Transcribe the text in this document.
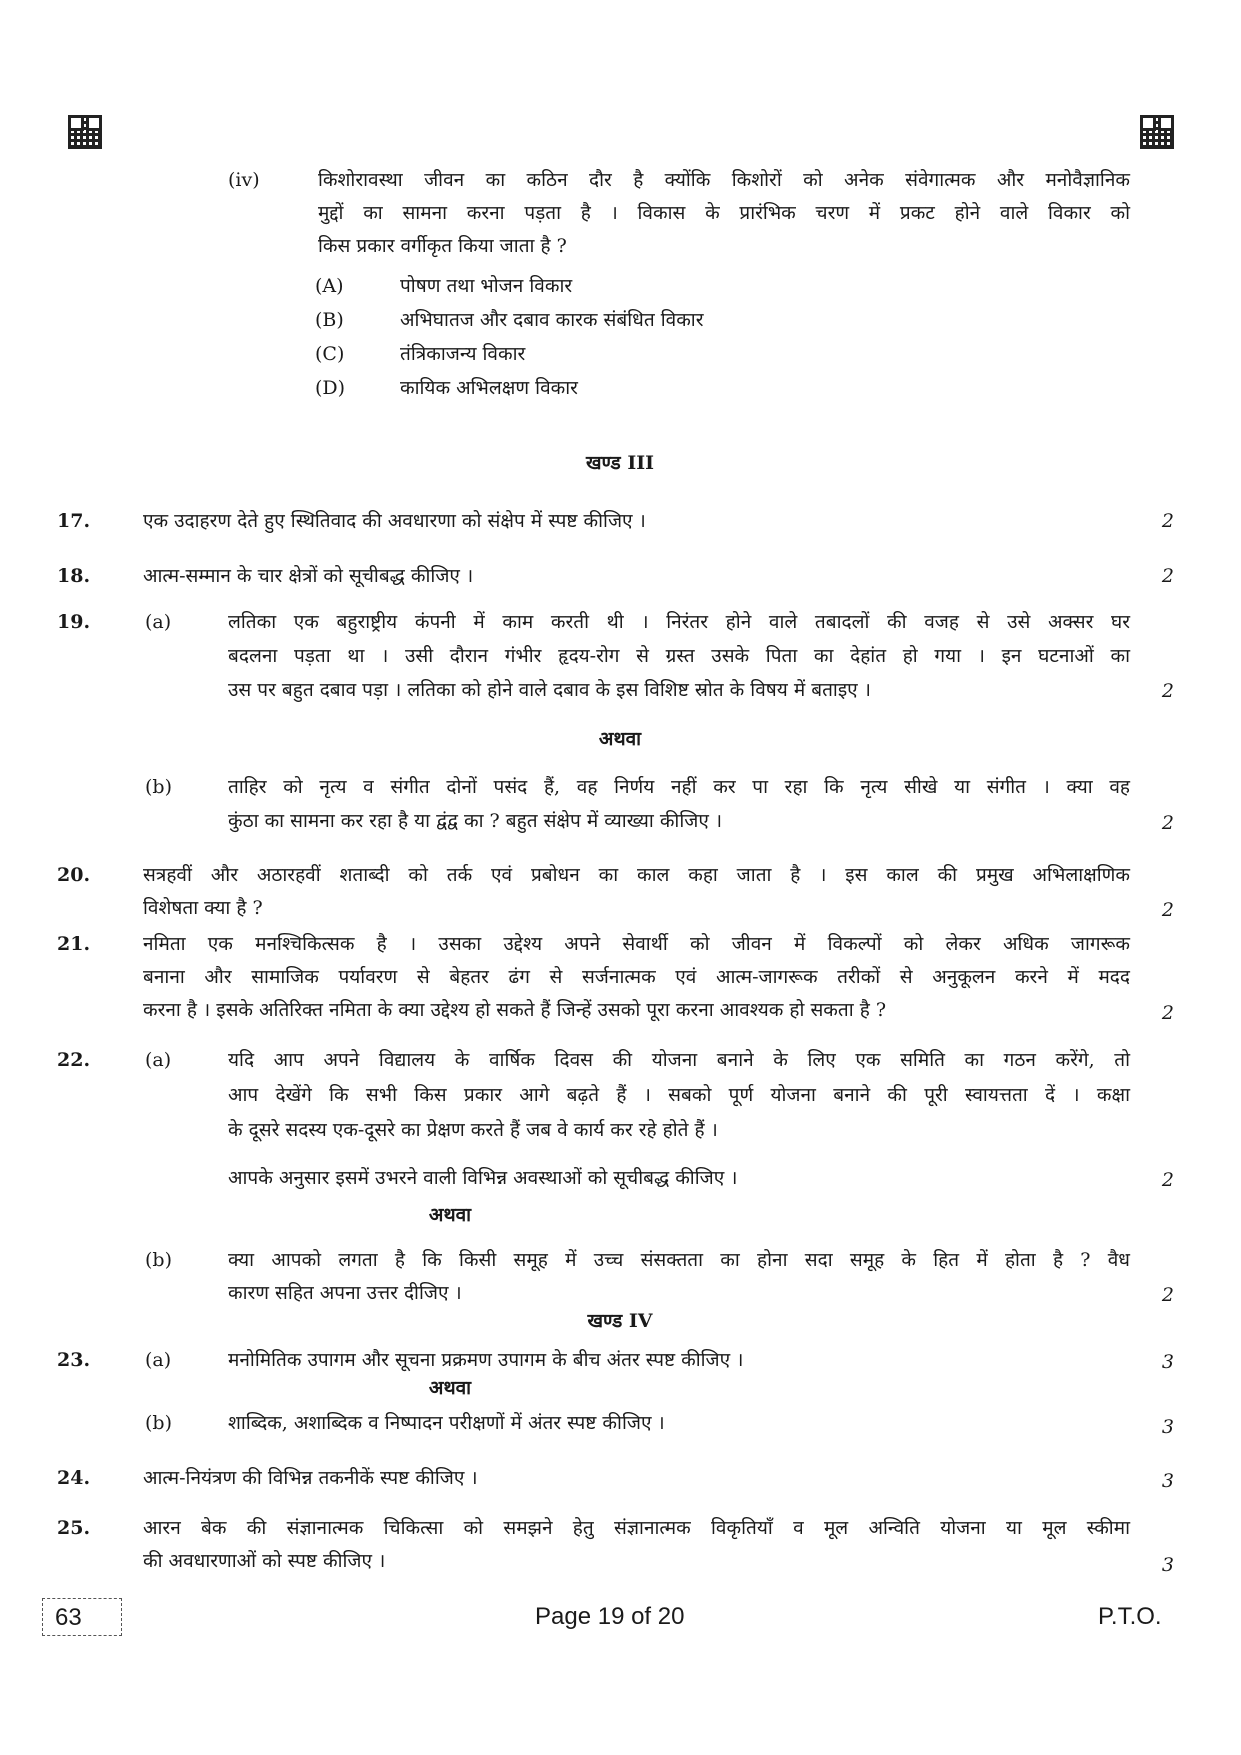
(iv)	किशोरावस्था जीवन का कठिन दौर है क्योंकि किशोरों को अनेक संवेगात्मक और मनोवैज्ञानिक
मुद्दों का सामना करना पड़ता है । विकास के प्रारंभिक चरण में प्रकट होने वाले विकार को
किस प्रकार वर्गीकृत किया जाता है ?
(A)	पोषण तथा भोजन विकार
(B)	अभिघातज और दबाव कारक संबंधित विकार
(C)	तंत्रिकाजन्य विकार
(D)	कायिक अभिलक्षण विकार
खण्ड III
17.	एक उदाहरण देते हुए स्थितिवाद की अवधारणा को संक्षेप में स्पष्ट कीजिए ।	2
18.	आत्म-सम्मान के चार क्षेत्रों को सूचीबद्ध कीजिए ।	2
19.	(a)	लतिका एक बहुराष्ट्रीय कंपनी में काम करती थी । निरंतर होने वाले तबादलों की वजह से उसे अक्सर घर
बदलना पड़ता था । उसी दौरान गंभीर हृदय-रोग से ग्रस्त उसके पिता का देहांत हो गया । इन घटनाओं का
उस पर बहुत दबाव पड़ा । लतिका को होने वाले दबाव के इस विशिष्ट स्रोत के विषय में बताइए ।	2
अथवा
(b)	ताहिर को नृत्य व संगीत दोनों पसंद हैं, वह निर्णय नहीं कर पा रहा कि नृत्य सीखे या संगीत । क्या वह
कुंठा का सामना कर रहा है या द्वंद्व का ? बहुत संक्षेप में व्याख्या कीजिए ।	2
20.	सत्रहवीं और अठारहवीं शताब्दी को तर्क एवं प्रबोधन का काल कहा जाता है । इस काल की प्रमुख अभिलाक्षणिक
विशेषता क्या है ?	2
21.	नमिता एक मनश्चिकित्सक है । उसका उद्देश्य अपने सेवार्थी को जीवन में विकल्पों को लेकर अधिक जागरूक
बनाना और सामाजिक पर्यावरण से बेहतर ढंग से सर्जनात्मक एवं आत्म-जागरूक तरीकों से अनुकूलन करने में मदद
करना है । इसके अतिरिक्त नमिता के क्या उद्देश्य हो सकते हैं जिन्हें उसको पूरा करना आवश्यक हो सकता है ?	2
22.	(a)	यदि आप अपने विद्यालय के वार्षिक दिवस की योजना बनाने के लिए एक समिति का गठन करेंगे, तो
आप देखेंगे कि सभी किस प्रकार आगे बढ़ते हैं । सबको पूर्ण योजना बनाने की पूरी स्वायत्तता दें । कक्षा
के दूसरे सदस्य एक-दूसरे का प्रेक्षण करते हैं जब वे कार्य कर रहे होते हैं ।
आपके अनुसार इसमें उभरने वाली विभिन्न अवस्थाओं को सूचीबद्ध कीजिए ।	2
अथवा
(b)	क्या आपको लगता है कि किसी समूह में उच्च संसक्तता का होना सदा समूह के हित में होता है ? वैध
कारण सहित अपना उत्तर दीजिए ।	2
खण्ड IV
23.	(a)	मनोमितिक उपागम और सूचना प्रक्रमण उपागम के बीच अंतर स्पष्ट कीजिए ।	3
अथवा
(b)	शाब्दिक, अशाब्दिक व निष्पादन परीक्षणों में अंतर स्पष्ट कीजिए ।	3
24.	आत्म-नियंत्रण की विभिन्न तकनीकें स्पष्ट कीजिए ।	3
25.	आरन बेक की संज्ञानात्मक चिकित्सा को समझने हेतु संज्ञानात्मक विकृतियाँ व मूल अन्विति योजना या मूल स्कीमा
की अवधारणाओं को स्पष्ट कीजिए ।	3
63	Page 19 of 20	P.T.O.
